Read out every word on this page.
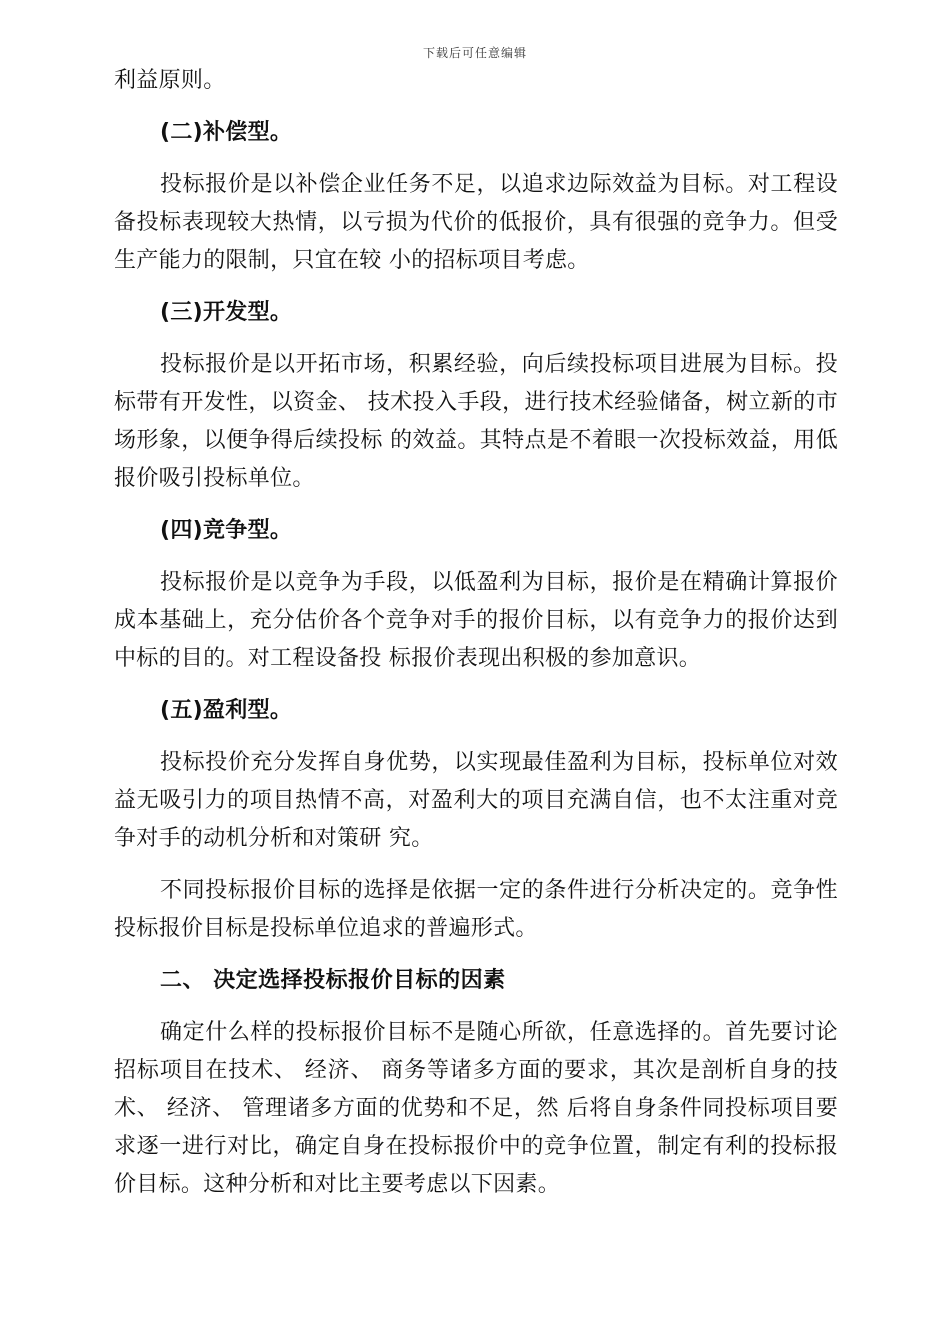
下载后可任意编辑

利益原则。

(二)补偿型。

投标报价是以补偿企业任务不足，以追求边际效益为目标。对工程设备投标表现较大热情，以亏损为代价的低报价，具有很强的竞争力。但受生产能力的限制，只宜在较 小的招标项目考虑。

(三)开发型。

投标报价是以开拓市场，积累经验，向后续投标项目进展为目标。投标带有开发性，以资金、 技术投入手段，进行技术经验储备，树立新的市场形象，以便争得后续投标 的效益。其特点是不着眼一次投标效益，用低报价吸引投标单位。

(四)竞争型。

投标报价是以竞争为手段，以低盈利为目标，报价是在精确计算报价成本基础上，充分估价各个竞争对手的报价目标，以有竞争力的报价达到中标的目的。对工程设备投 标报价表现出积极的参加意识。

(五)盈利型。

投标投价充分发挥自身优势，以实现最佳盈利为目标，投标单位对效益无吸引力的项目热情不高，对盈利大的项目充满自信，也不太注重对竞争对手的动机分析和对策研 究。

不同投标报价目标的选择是依据一定的条件进行分析决定的。竞争性投标报价目标是投标单位追求的普遍形式。

二、 决定选择投标报价目标的因素

确定什么样的投标报价目标不是随心所欲，任意选择的。首先要讨论招标项目在技术、 经济、 商务等诸多方面的要求，其次是剖析自身的技术、 经济、 管理诸多方面的优势和不足，然 后将自身条件同投标项目要求逐一进行对比，确定自身在投标报价中的竞争位置，制定有利的投标报价目标。这种分析和对比主要考虑以下因素。
